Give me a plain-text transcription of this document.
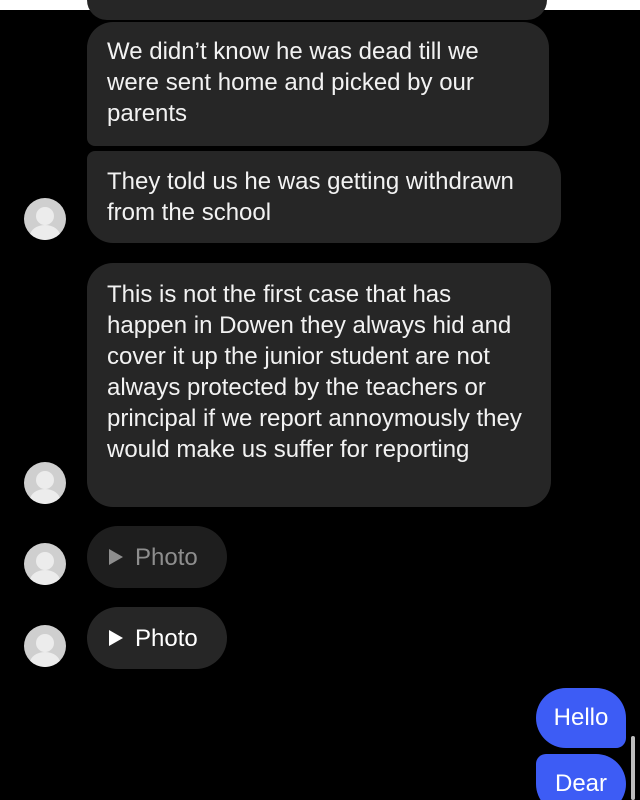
We didn’t know he was dead till we were sent home and picked by our parents
They told us he was getting withdrawn from the school
This is not the first case that has happen in Dowen they always hid and cover it up the junior student are not always protected by the teachers or principal if we report annoymously they would make us suffer for reporting
Photo
Photo
Hello
Dear
